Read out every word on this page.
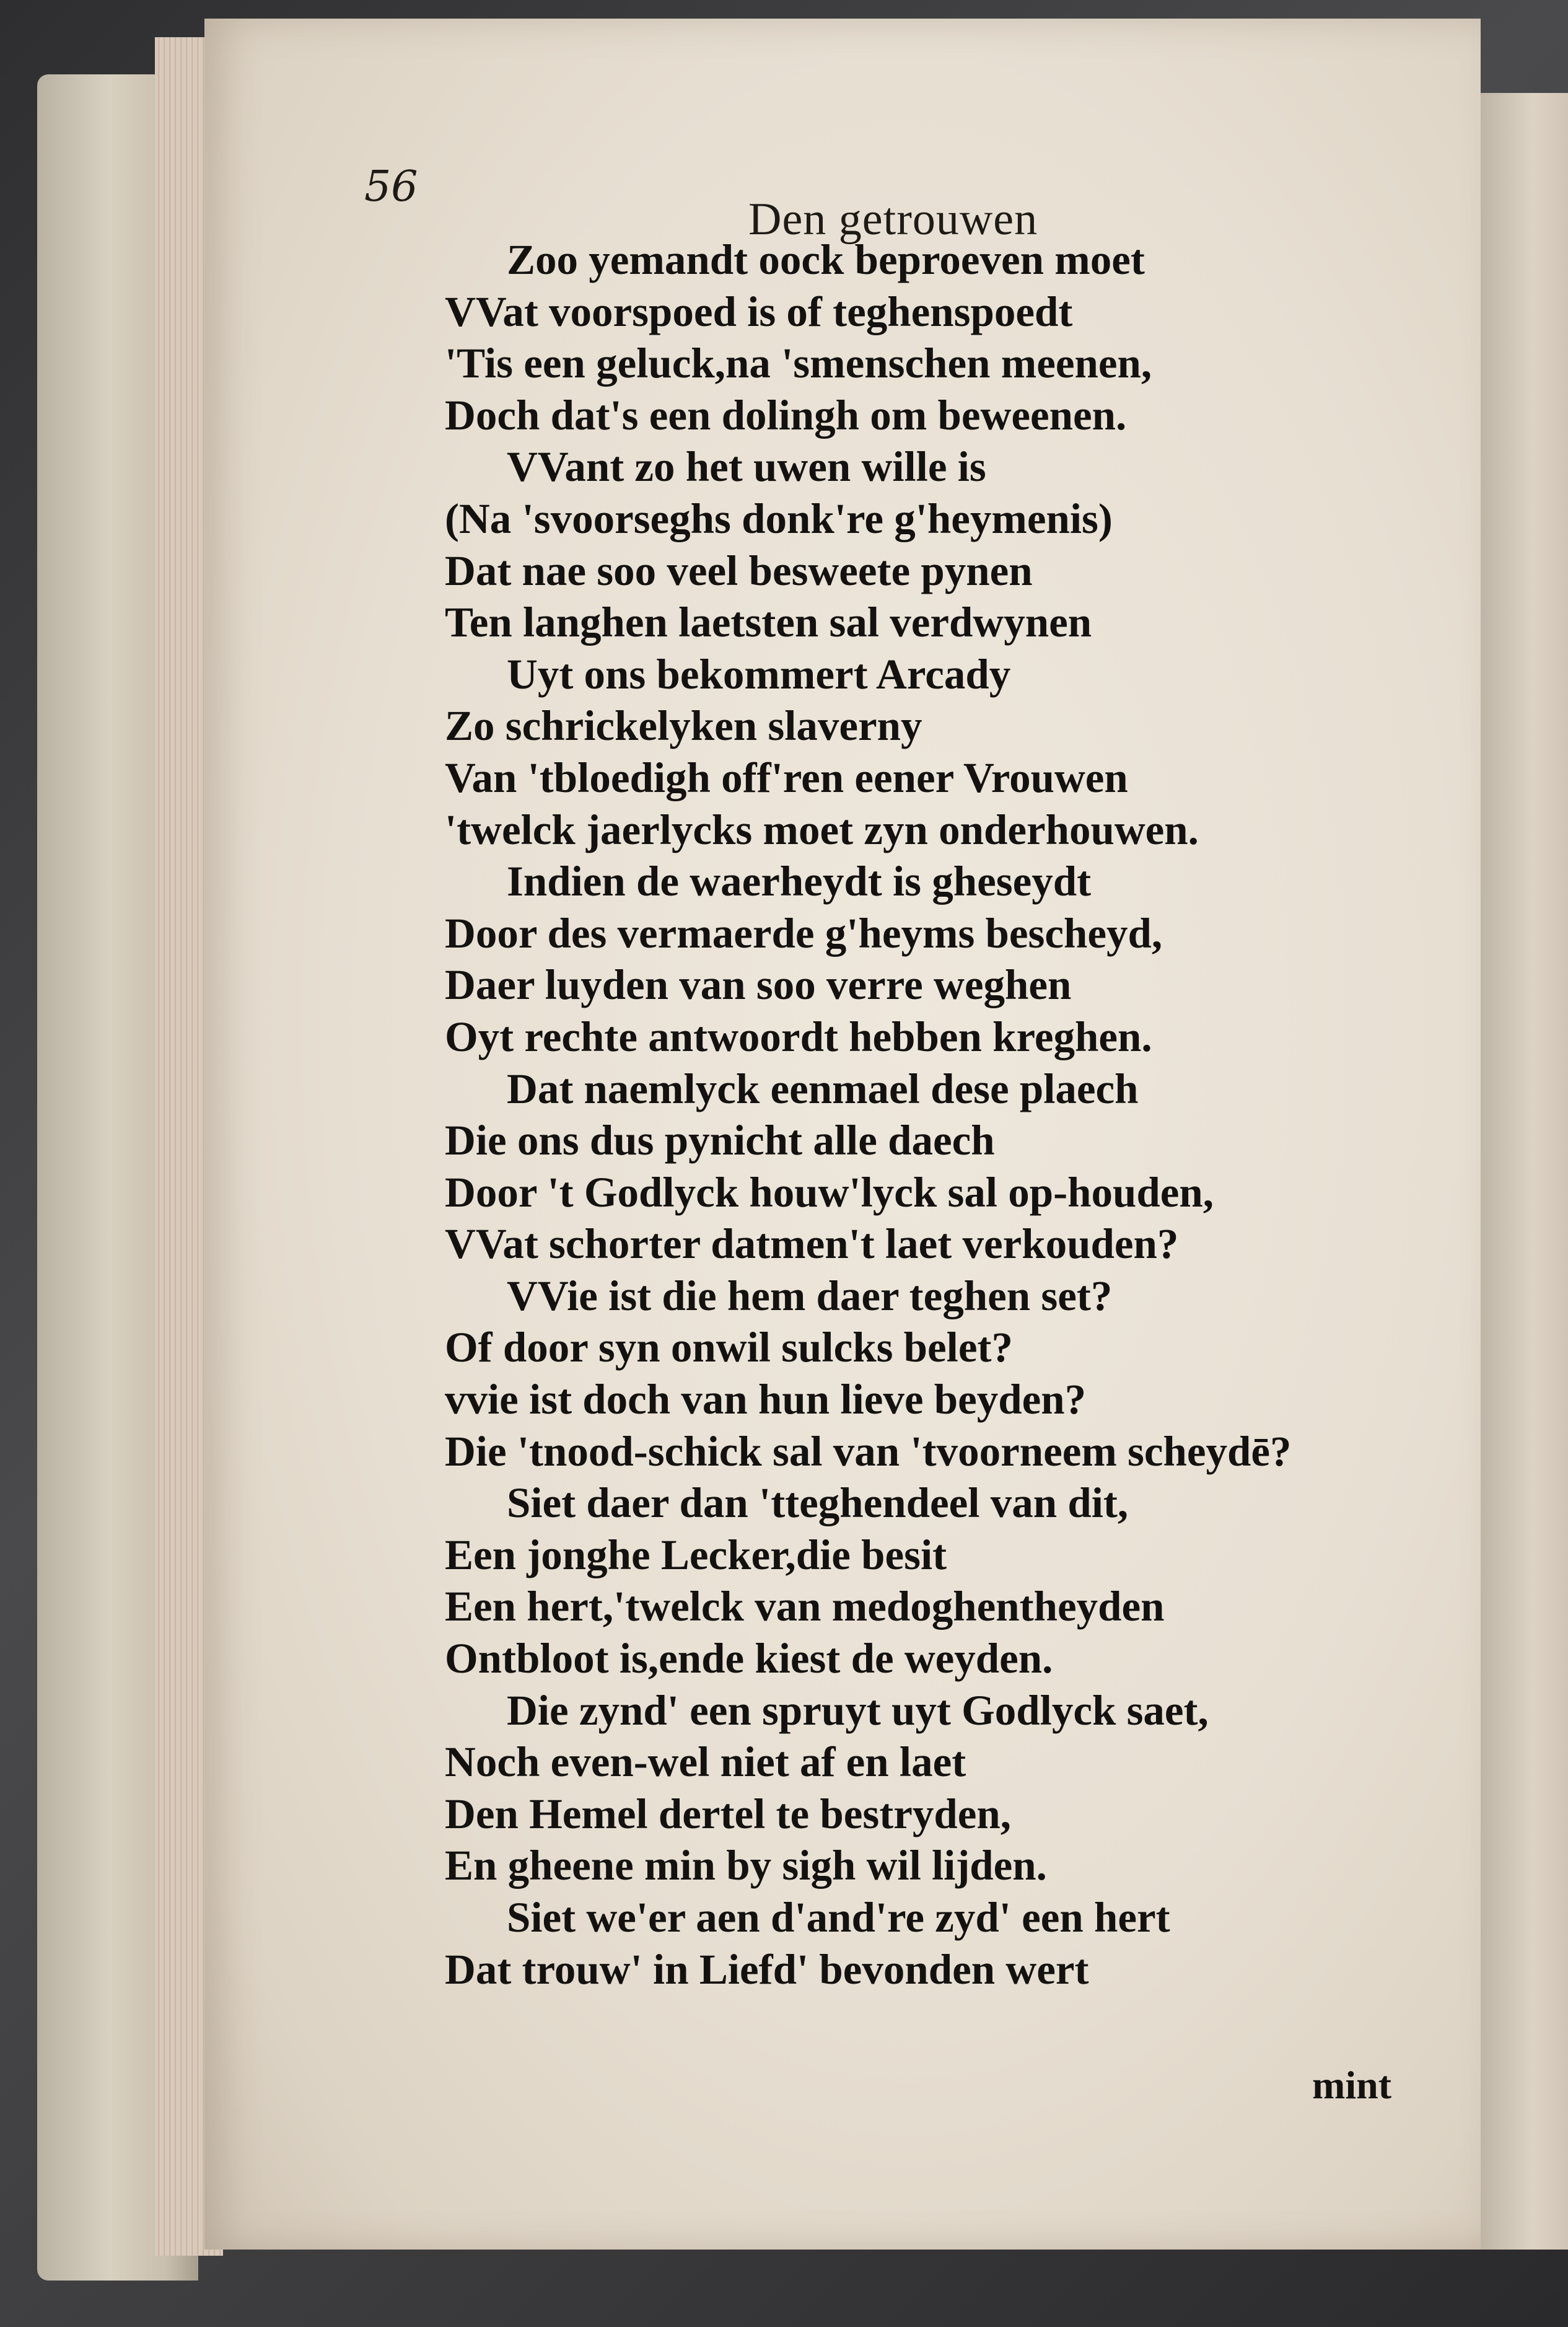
56
Den getrouwen
Zoo yemandt oock beproeven moet
VVat voorspoed is of teghenspoedt
'Tis een geluck,na 'smenschen meenen,
Doch dat's een dolingh om beweenen.
VVant zo het uwen wille is
(Na 'svoorseghs donk're g'heymenis)
Dat nae soo veel besweete pynen
Ten langhen laetsten sal verdwynen
Uyt ons bekommert Arcady
Zo schrickelyken slaverny
Van 'tbloedigh off'ren eener Vrouwen
'twelck jaerlycks moet zyn onderhouwen.
Indien de waerheydt is gheseydt
Door des vermaerde g'heyms bescheyd,
Daer luyden van soo verre weghen
Oyt rechte antwoordt hebben kreghen.
Dat naemlyck eenmael dese plaech
Die ons dus pynicht alle daech
Door 't Godlyck houw'lyck sal op-houden,
VVat schorter datmen't laet verkouden?
VVie ist die hem daer teghen set?
Of door syn onwil sulcks belet?
vvie ist doch van hun lieve beyden?
Die 'tnood-schick sal van 'tvoorneem scheydē?
Siet daer dan 'tteghendeel van dit,
Een jonghe Lecker,die besit
Een hert,'twelck van medoghentheyden
Ontbloot is,ende kiest de weyden.
Die zynd' een spruyt uyt Godlyck saet,
Noch even-wel niet af en laet
Den Hemel dertel te bestryden,
En gheene min by sigh wil lijden.
Siet we'er aen d'and're zyd' een hert
Dat trouw' in Liefd' bevonden wert
mint
